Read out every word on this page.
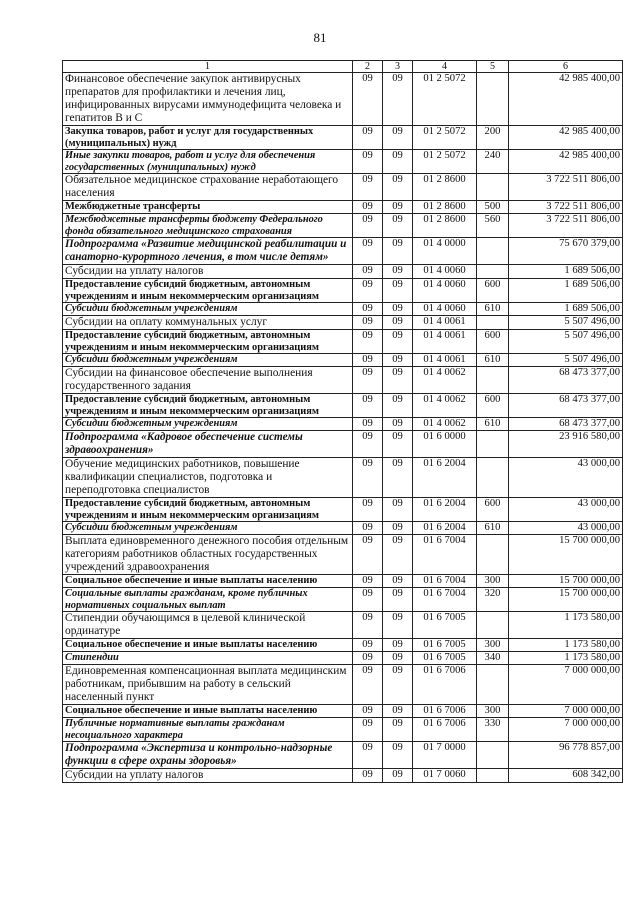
81
1	2	3	4	5	6
Финансовое обеспечение закупок антивирусных препаратов для профилактики и лечения лиц, инфицированных вирусами иммунодефицита человека и гепатитов В и С	09	09	01 2 5072		42 985 400,00
Закупка товаров, работ и услуг для государственных (муниципальных) нужд	09	09	01 2 5072	200	42 985 400,00
Иные закупки товаров, работ и услуг для обеспечения государственных (муниципальных) нужд	09	09	01 2 5072	240	42 985 400,00
Обязательное медицинское страхование неработающего населения	09	09	01 2 8600		3 722 511 806,00
Межбюджетные трансферты	09	09	01 2 8600	500	3 722 511 806,00
Межбюджетные трансферты бюджету Федерального фонда обязательного медицинского страхования	09	09	01 2 8600	560	3 722 511 806,00
Подпрограмма «Развитие медицинской реабилитации и санаторно-курортного лечения, в том числе детям»	09	09	01 4 0000		75 670 379,00
Субсидии на уплату налогов	09	09	01 4 0060		1 689 506,00
Предоставление субсидий бюджетным, автономным учреждениям и иным некоммерческим организациям	09	09	01 4 0060	600	1 689 506,00
Субсидии бюджетным учреждениям	09	09	01 4 0060	610	1 689 506,00
Субсидии на оплату коммунальных услуг	09	09	01 4 0061		5 507 496,00
Предоставление субсидий бюджетным, автономным учреждениям и иным некоммерческим организациям	09	09	01 4 0061	600	5 507 496,00
Субсидии бюджетным учреждениям	09	09	01 4 0061	610	5 507 496,00
Субсидии на финансовое обеспечение выполнения государственного задания	09	09	01 4 0062		68 473 377,00
Предоставление субсидий бюджетным, автономным учреждениям и иным некоммерческим организациям	09	09	01 4 0062	600	68 473 377,00
Субсидии бюджетным учреждениям	09	09	01 4 0062	610	68 473 377,00
Подпрограмма «Кадровое обеспечение системы здравоохранения»	09	09	01 6 0000		23 916 580,00
Обучение медицинских работников, повышение квалификации специалистов, подготовка и переподготовка специалистов	09	09	01 6 2004		43 000,00
Предоставление субсидий бюджетным, автономным учреждениям и иным некоммерческим организациям	09	09	01 6 2004	600	43 000,00
Субсидии бюджетным учреждениям	09	09	01 6 2004	610	43 000,00
Выплата единовременного денежного пособия отдельным категориям работников областных государственных учреждений здравоохранения	09	09	01 6 7004		15 700 000,00
Социальное обеспечение и иные выплаты населению	09	09	01 6 7004	300	15 700 000,00
Социальные выплаты гражданам, кроме публичных нормативных социальных выплат	09	09	01 6 7004	320	15 700 000,00
Стипендии обучающимся в целевой клинической ординатуре	09	09	01 6 7005		1 173 580,00
Социальное обеспечение и иные выплаты населению	09	09	01 6 7005	300	1 173 580,00
Стипендии	09	09	01 6 7005	340	1 173 580,00
Единовременная компенсационная выплата медицинским работникам, прибывшим на работу в сельский населенный пункт	09	09	01 6 7006		7 000 000,00
Социальное обеспечение и иные выплаты населению	09	09	01 6 7006	300	7 000 000,00
Публичные нормативные выплаты гражданам несоциального характера	09	09	01 6 7006	330	7 000 000,00
Подпрограмма «Экспертиза и контрольно-надзорные функции в сфере охраны здоровья»	09	09	01 7 0000		96 778 857,00
Субсидии на уплату налогов	09	09	01 7 0060		608 342,00
